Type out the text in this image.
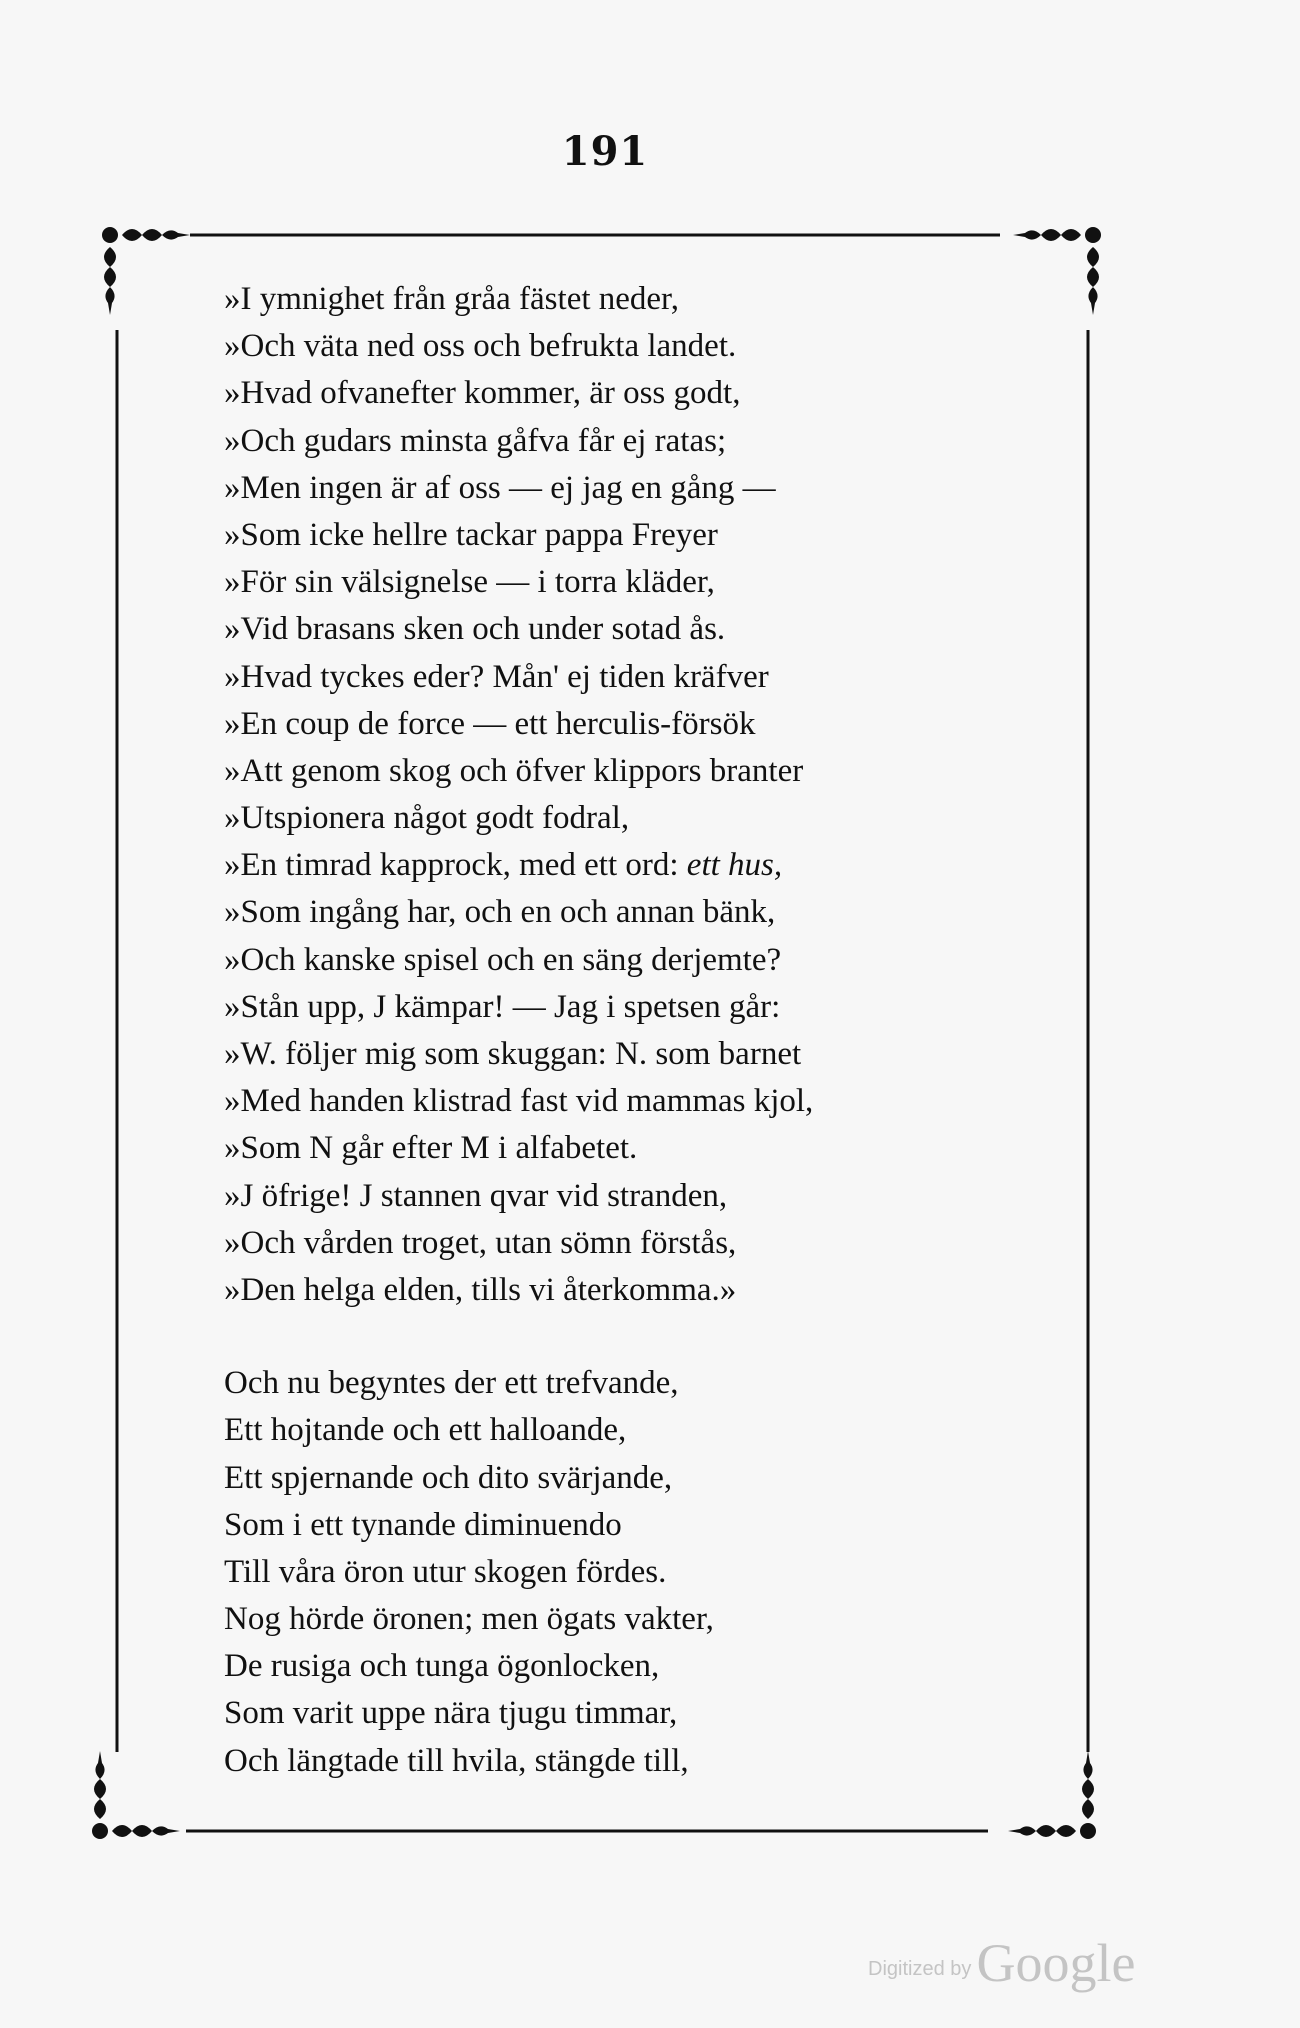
191
»I ymnighet från gråa fästet neder,
»Och väta ned oss och befrukta landet.
»Hvad ofvanefter kommer, är oss godt,
»Och gudars minsta gåfva får ej ratas;
»Men ingen är af oss — ej jag en gång —
»Som icke hellre tackar pappa Freyer
»För sin välsignelse — i torra kläder,
»Vid brasans sken och under sotad ås.
»Hvad tyckes eder? Mån' ej tiden kräfver
»En coup de force — ett herculis-försök
»Att genom skog och öfver klippors branter
»Utspionera något godt fodral,
»En timrad kapprock, med ett ord: ett hus,
»Som ingång har, och en och annan bänk,
»Och kanske spisel och en säng derjemte?
»Stån upp, J kämpar! — Jag i spetsen går:
»W. följer mig som skuggan: N. som barnet
»Med handen klistrad fast vid mammas kjol,
»Som N går efter M i alfabetet.
»J öfrige! J stannen qvar vid stranden,
»Och vården troget, utan sömn förstås,
»Den helga elden, tills vi återkomma.»
Och nu begyntes der ett trefvande,
Ett hojtande och ett halloande,
Ett spjernande och dito svärjande,
Som i ett tynande diminuendo
Till våra öron utur skogen fördes.
Nog hörde öronen; men ögats vakter,
De rusiga och tunga ögonlocken,
Som varit uppe nära tjugu timmar,
Och längtade till hvila, stängde till,
Digitized by Google
